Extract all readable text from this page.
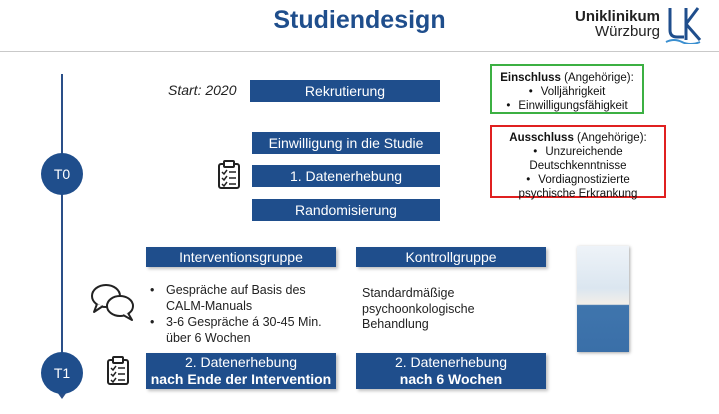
Studiendesign	Uniklinikum
Würzburg
T0
T1
Start: 2020	Rekrutierung
Einwilligung in die Studie
1. Datenerhebung
Randomisierung
Einschluss (Angehörige):
• Volljährigkeit
• Einwilligungsfähigkeit
Ausschluss (Angehörige):
• Unzureichende Deutschkenntnisse
• Vordiagnostizierte psychische Erkrankung
Interventionsgruppe	Kontrollgruppe
• Gespräche auf Basis des CALM-Manuals
• 3-6 Gespräche á 30-45 Min. über 6 Wochen
Standardmäßige psychoonkologische Behandlung
2. Datenerhebung
nach Ende der Intervention
2. Datenerhebung
nach 6 Wochen
